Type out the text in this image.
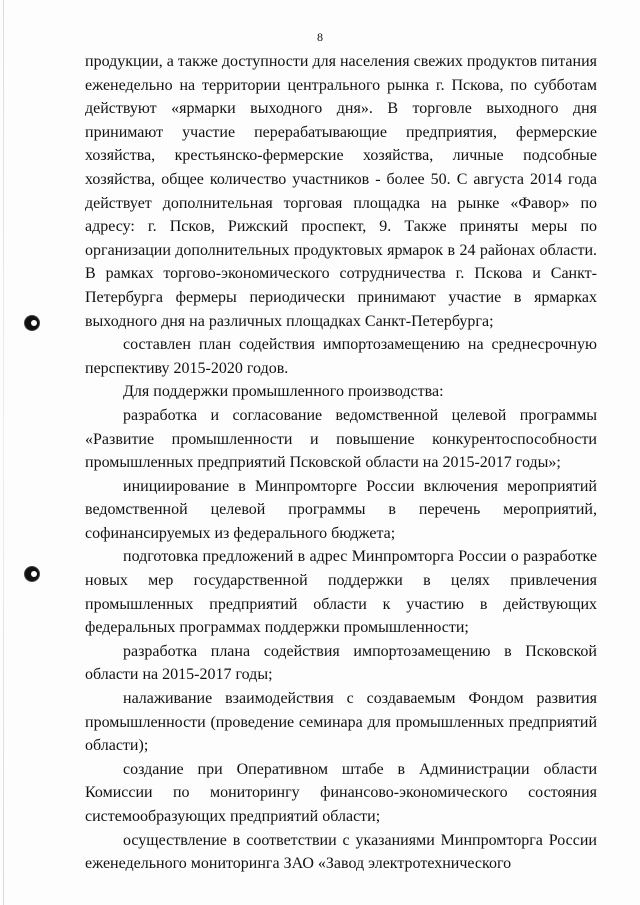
8

продукции, а также доступности для населения свежих продуктов питания еженедельно на территории центрального рынка г. Пскова, по субботам действуют «ярмарки выходного дня». В торговле выходного дня принимают участие перерабатывающие предприятия, фермерские хозяйства, крестьянско-фермерские хозяйства, личные подсобные хозяйства, общее количество участников - более 50. С августа 2014 года действует дополнительная торговая площадка на рынке «Фавор» по адресу: г. Псков, Рижский проспект, 9. Также приняты меры по организации дополнительных продуктовых ярмарок в 24 районах области. В рамках торгово-экономического сотрудничества г. Пскова и Санкт-Петербурга фермеры периодически принимают участие в ярмарках выходного дня на различных площадках Санкт-Петербурга;

составлен план содействия импортозамещению на среднесрочную перспективу 2015-2020 годов.

Для поддержки промышленного производства:

разработка и согласование ведомственной целевой программы «Развитие промышленности и повышение конкурентоспособности промышленных предприятий Псковской области на 2015-2017 годы»;

инициирование в Минпромторге России включения мероприятий ведомственной целевой программы в перечень мероприятий, софинансируемых из федерального бюджета;

подготовка предложений в адрес Минпромторга России о разработке новых мер государственной поддержки в целях привлечения промышленных предприятий области к участию в действующих федеральных программах поддержки промышленности;

разработка плана содействия импортозамещению в Псковской области на 2015-2017 годы;

налаживание взаимодействия с создаваемым Фондом развития промышленности (проведение семинара для промышленных предприятий области);

создание при Оперативном штабе в Администрации области Комиссии по мониторингу финансово-экономического состояния системообразующих предприятий области;

осуществление в соответствии с указаниями Минпромторга России еженедельного мониторинга ЗАО «Завод электротехнического
